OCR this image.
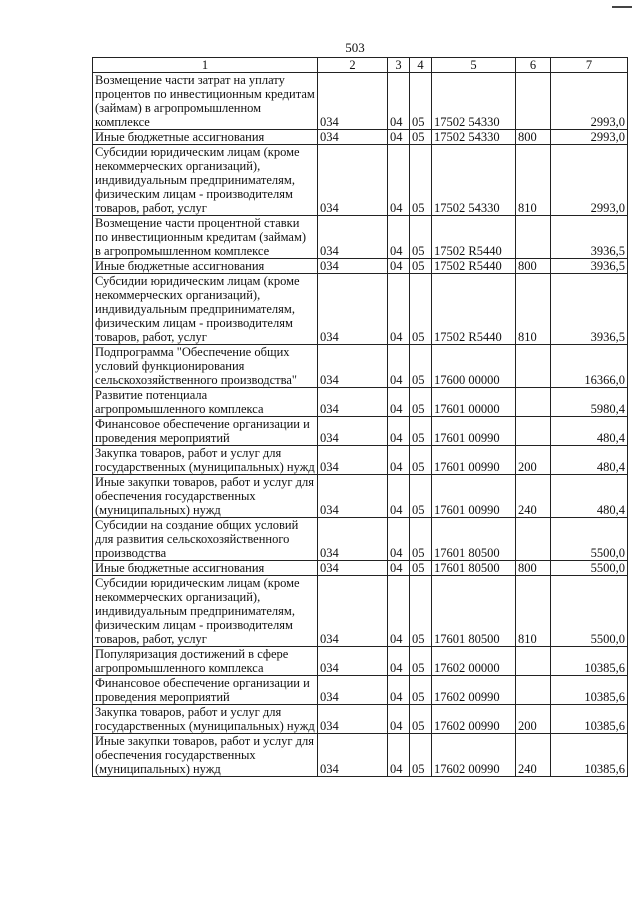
503
1	2	3	4	5	6	7
Возмещение части затрат на уплату процентов по инвестиционным кредитам (займам) в агропромышленном комплексе	034	04	05	17502 54330		2993,0
Иные бюджетные ассигнования	034	04	05	17502 54330	800	2993,0
Субсидии юридическим лицам (кроме некоммерческих организаций), индивидуальным предпринимателям, физическим лицам - производителям товаров, работ, услуг	034	04	05	17502 54330	810	2993,0
Возмещение части процентной ставки по инвестиционным кредитам (займам) в агропромышленном комплексе	034	04	05	17502 R5440		3936,5
Иные бюджетные ассигнования	034	04	05	17502 R5440	800	3936,5
Субсидии юридическим лицам (кроме некоммерческих организаций), индивидуальным предпринимателям, физическим лицам - производителям товаров, работ, услуг	034	04	05	17502 R5440	810	3936,5
Подпрограмма "Обеспечение общих условий функционирования сельскохозяйственного производства"	034	04	05	17600 00000		16366,0
Развитие потенциала агропромышленного комплекса	034	04	05	17601 00000		5980,4
Финансовое обеспечение организации и проведения мероприятий	034	04	05	17601 00990		480,4
Закупка товаров, работ и услуг для государственных (муниципальных) нужд	034	04	05	17601 00990	200	480,4
Иные закупки товаров, работ и услуг для обеспечения государственных (муниципальных) нужд	034	04	05	17601 00990	240	480,4
Субсидии на создание общих условий для развития сельскохозяйственного производства	034	04	05	17601 80500		5500,0
Иные бюджетные ассигнования	034	04	05	17601 80500	800	5500,0
Субсидии юридическим лицам (кроме некоммерческих организаций), индивидуальным предпринимателям, физическим лицам - производителям товаров, работ, услуг	034	04	05	17601 80500	810	5500,0
Популяризация достижений в сфере агропромышленного комплекса	034	04	05	17602 00000		10385,6
Финансовое обеспечение организации и проведения мероприятий	034	04	05	17602 00990		10385,6
Закупка товаров, работ и услуг для государственных (муниципальных) нужд	034	04	05	17602 00990	200	10385,6
Иные закупки товаров, работ и услуг для обеспечения государственных (муниципальных) нужд	034	04	05	17602 00990	240	10385,6
